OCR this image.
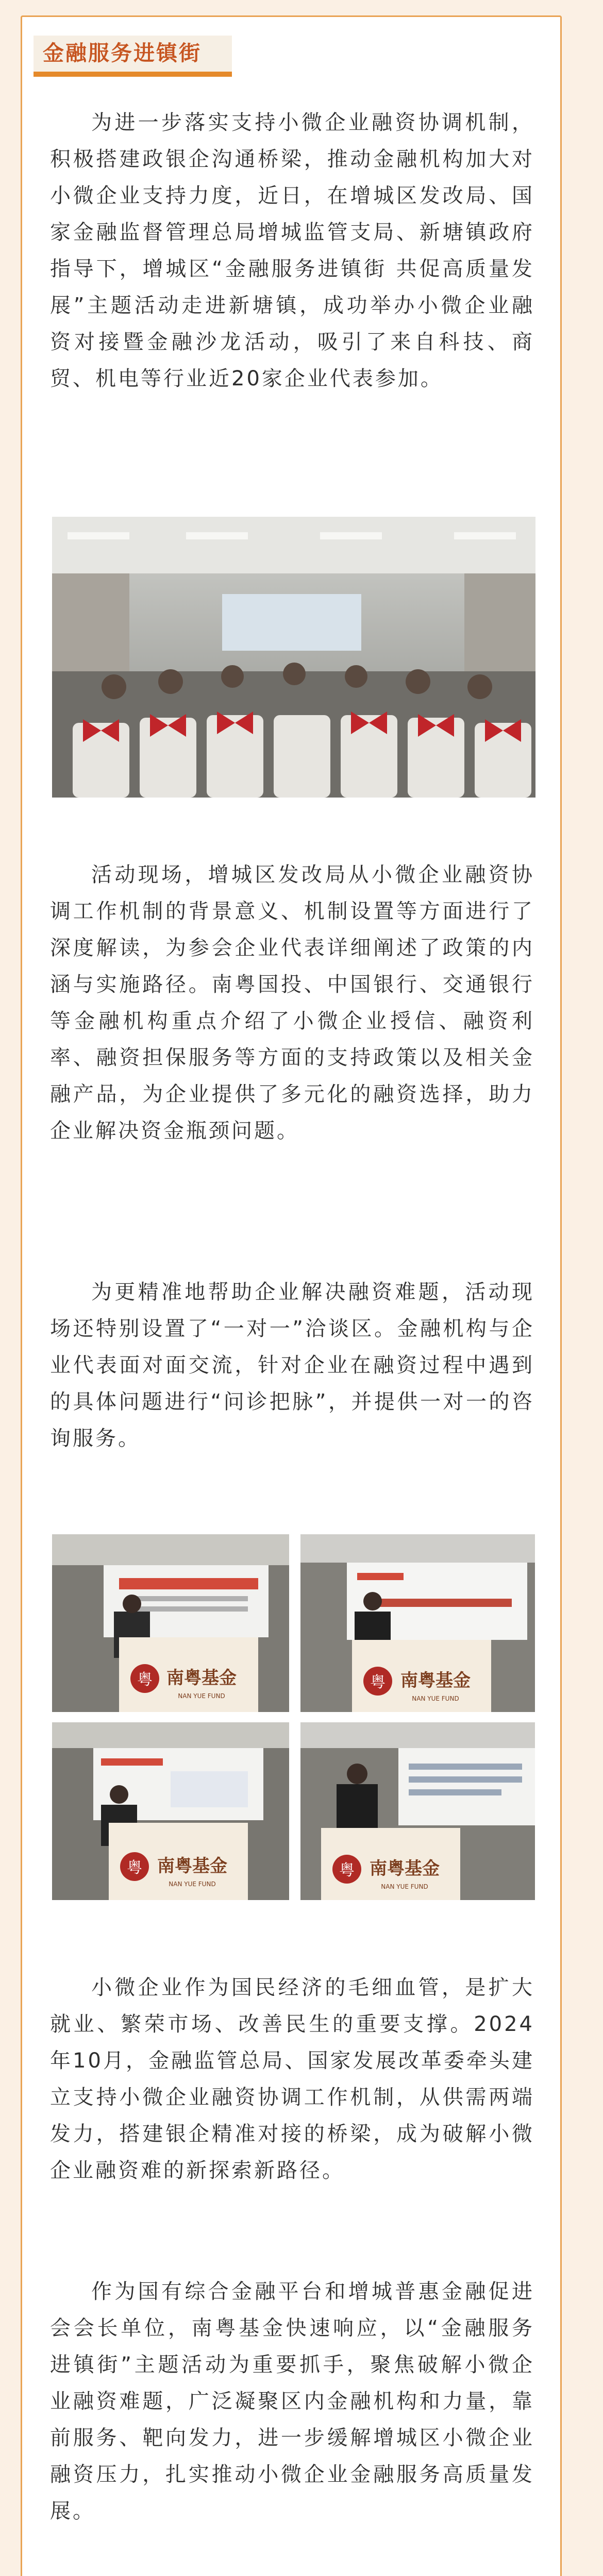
金融服务进镇街

为进一步落实支持小微企业融资协调机制，积极搭建政银企沟通桥梁，推动金融机构加大对小微企业支持力度，近日，在增城区发改局、国家金融监督管理总局增城监管支局、新塘镇政府指导下，增城区“金融服务进镇街 共促高质量发展”主题活动走进新塘镇，成功举办小微企业融资对接暨金融沙龙活动，吸引了来自科技、商贸、机电等行业近20家企业代表参加。

活动现场，增城区发改局从小微企业融资协调工作机制的背景意义、机制设置等方面进行了深度解读，为参会企业代表详细阐述了政策的内涵与实施路径。南粤国投、中国银行、交通银行等金融机构重点介绍了小微企业授信、融资利率、融资担保服务等方面的支持政策以及相关金融产品，为企业提供了多元化的融资选择，助力企业解决资金瓶颈问题。

为更精准地帮助企业解决融资难题，活动现场还特别设置了“一对一”洽谈区。金融机构与企业代表面对面交流，针对企业在融资过程中遇到的具体问题进行“问诊把脉”，并提供一对一的咨询服务。

粤 南粤基金
NAN YUE FUND
粤 南粤基金
NAN YUE FUND
粤 南粤基金
NAN YUE FUND
粤 南粤基金
NAN YUE FUND

小微企业作为国民经济的毛细血管，是扩大就业、繁荣市场、改善民生的重要支撑。2024年10月，金融监管总局、国家发展改革委牵头建立支持小微企业融资协调工作机制，从供需两端发力，搭建银企精准对接的桥梁，成为破解小微企业融资难的新探索新路径。

作为国有综合金融平台和增城普惠金融促进会会长单位，南粤基金快速响应，以“金融服务进镇街”主题活动为重要抓手，聚焦破解小微企业融资难题，广泛凝聚区内金融机构和力量，靠前服务、靶向发力，进一步缓解增城区小微企业融资压力，扎实推动小微企业金融服务高质量发展。
